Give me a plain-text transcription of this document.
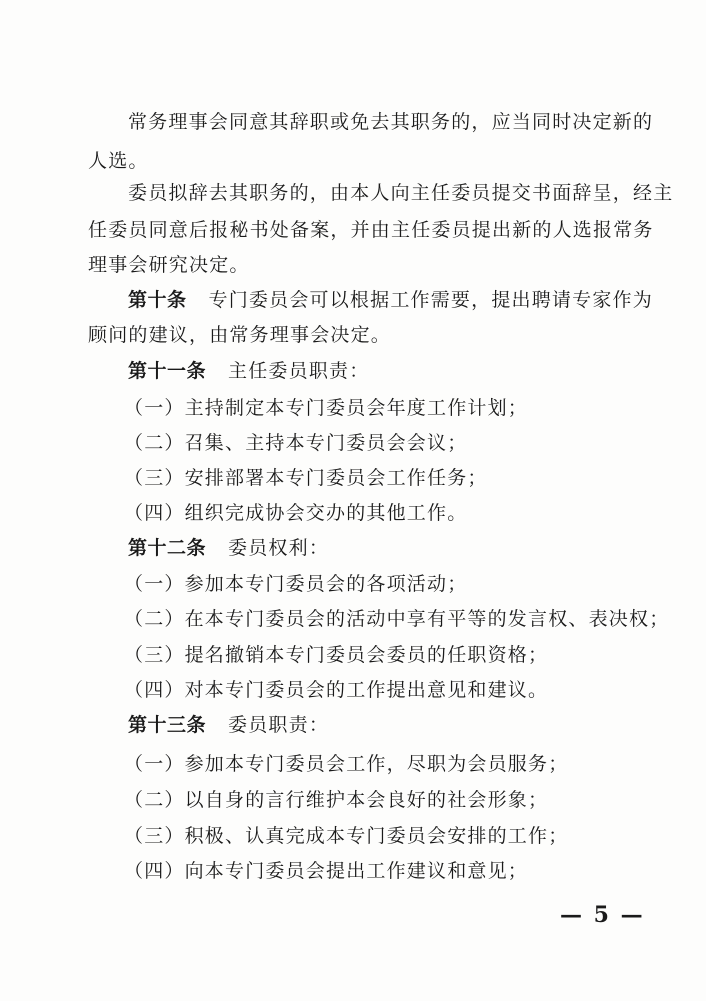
常务理事会同意其辞职或免去其职务的，应当同时决定新的
人选。
委员拟辞去其职务的，由本人向主任委员提交书面辞呈，经主
任委员同意后报秘书处备案，并由主任委员提出新的人选报常务
理事会研究决定。
第十条 专门委员会可以根据工作需要，提出聘请专家作为
顾问的建议，由常务理事会决定。
第十一条 主任委员职责：
（一）主持制定本专门委员会年度工作计划；
（二）召集、主持本专门委员会会议；
（三）安排部署本专门委员会工作任务；
（四）组织完成协会交办的其他工作。
第十二条 委员权利：
（一）参加本专门委员会的各项活动；
（二）在本专门委员会的活动中享有平等的发言权、表决权；
（三）提名撤销本专门委员会委员的任职资格；
（四）对本专门委员会的工作提出意见和建议。
第十三条 委员职责：
（一）参加本专门委员会工作，尽职为会员服务；
（二）以自身的言行维护本会良好的社会形象；
（三）积极、认真完成本专门委员会安排的工作；
（四）向本专门委员会提出工作建议和意见；
— 5 —
